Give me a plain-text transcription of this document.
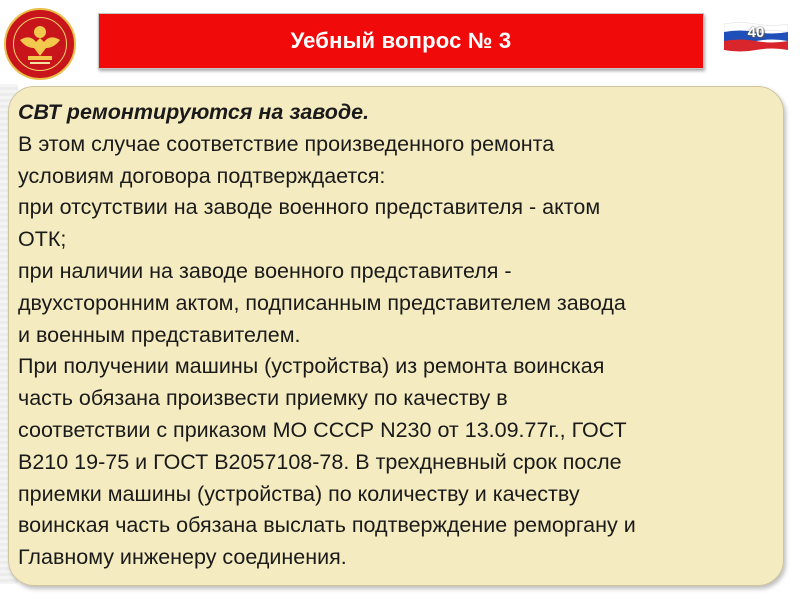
Уебный вопрос № 3	40

СВТ ремонтируются на заводе.

В этом случае соответствие произведенного ремонта
условиям договора подтверждается:

при отсутствии на заводе военного представителя - актом
ОТК;

при наличии на заводе военного представителя -
двухсторонним актом, подписанным представителем завода
и военным представителем.

При получении машины (устройства) из ремонта воинская
часть обязана произвести приемку по качеству в
соответствии с приказом МО СССР N230 от 13.09.77г., ГОСТ
В210 19-75 и ГОСТ В2057108-78. В трехдневный срок после
приемки машины (устройства) по количеству и качеству
воинская часть обязана выслать подтверждение реморгану и
Главному инженеру соединения.
